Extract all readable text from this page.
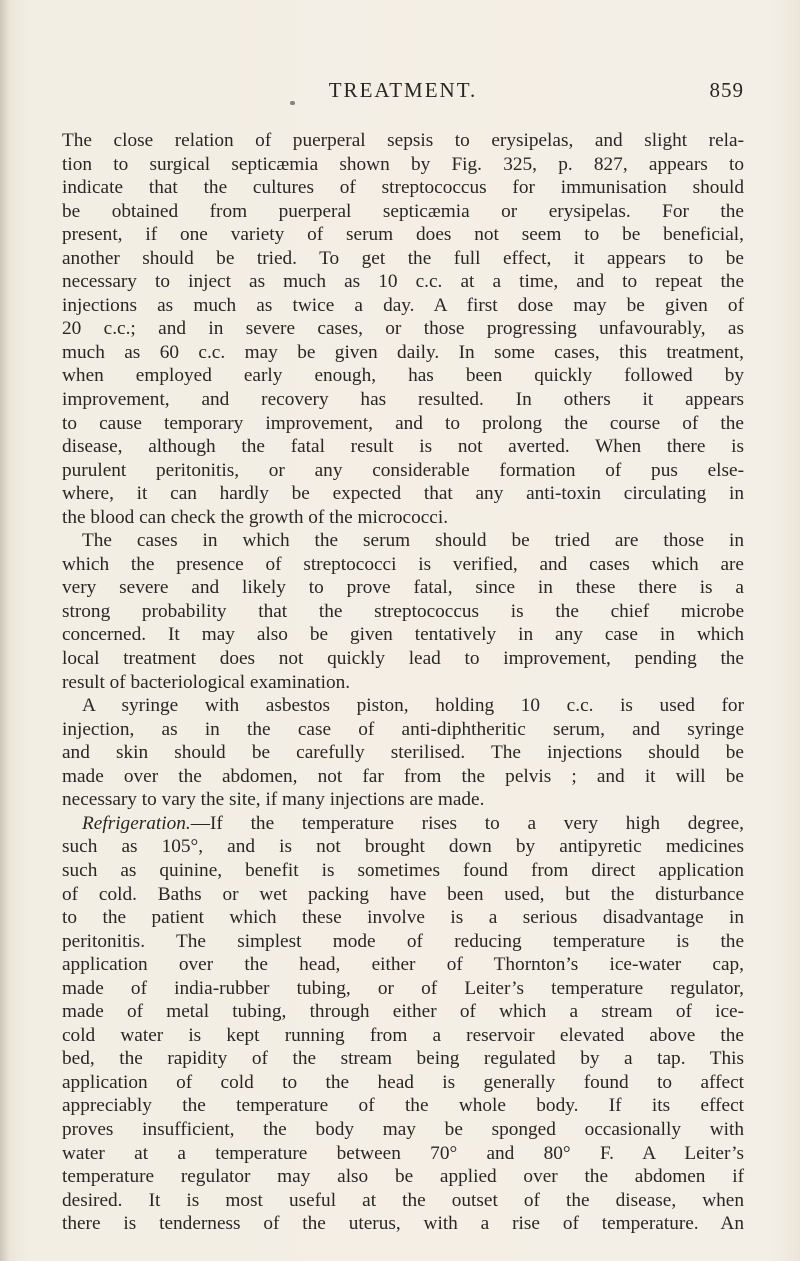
TREATMENT.	859
The close relation of puerperal sepsis to erysipelas, and slight rela-
tion to surgical septicæmia shown by Fig. 325, p. 827, appears to
indicate that the cultures of streptococcus for immunisation should
be obtained from puerperal septicæmia or erysipelas. For the
present, if one variety of serum does not seem to be beneficial,
another should be tried. To get the full effect, it appears to be
necessary to inject as much as 10 c.c. at a time, and to repeat the
injections as much as twice a day. A first dose may be given of
20 c.c.; and in severe cases, or those progressing unfavourably, as
much as 60 c.c. may be given daily. In some cases, this treatment,
when employed early enough, has been quickly followed by
improvement, and recovery has resulted. In others it appears
to cause temporary improvement, and to prolong the course of the
disease, although the fatal result is not averted. When there is
purulent peritonitis, or any considerable formation of pus else-
where, it can hardly be expected that any anti-toxin circulating in
the blood can check the growth of the micrococci.
The cases in which the serum should be tried are those in
which the presence of streptococci is verified, and cases which are
very severe and likely to prove fatal, since in these there is a
strong probability that the streptococcus is the chief microbe
concerned. It may also be given tentatively in any case in which
local treatment does not quickly lead to improvement, pending the
result of bacteriological examination.
A syringe with asbestos piston, holding 10 c.c. is used for
injection, as in the case of anti-diphtheritic serum, and syringe
and skin should be carefully sterilised. The injections should be
made over the abdomen, not far from the pelvis ; and it will be
necessary to vary the site, if many injections are made.
Refrigeration.—If the temperature rises to a very high degree,
such as 105°, and is not brought down by antipyretic medicines
such as quinine, benefit is sometimes found from direct application
of cold. Baths or wet packing have been used, but the disturbance
to the patient which these involve is a serious disadvantage in
peritonitis. The simplest mode of reducing temperature is the
application over the head, either of Thornton’s ice-water cap,
made of india-rubber tubing, or of Leiter’s temperature regulator,
made of metal tubing, through either of which a stream of ice-
cold water is kept running from a reservoir elevated above the
bed, the rapidity of the stream being regulated by a tap. This
application of cold to the head is generally found to affect
appreciably the temperature of the whole body. If its effect
proves insufficient, the body may be sponged occasionally with
water at a temperature between 70° and 80° F. A Leiter’s
temperature regulator may also be applied over the abdomen if
desired. It is most useful at the outset of the disease, when
there is tenderness of the uterus, with a rise of temperature. An
